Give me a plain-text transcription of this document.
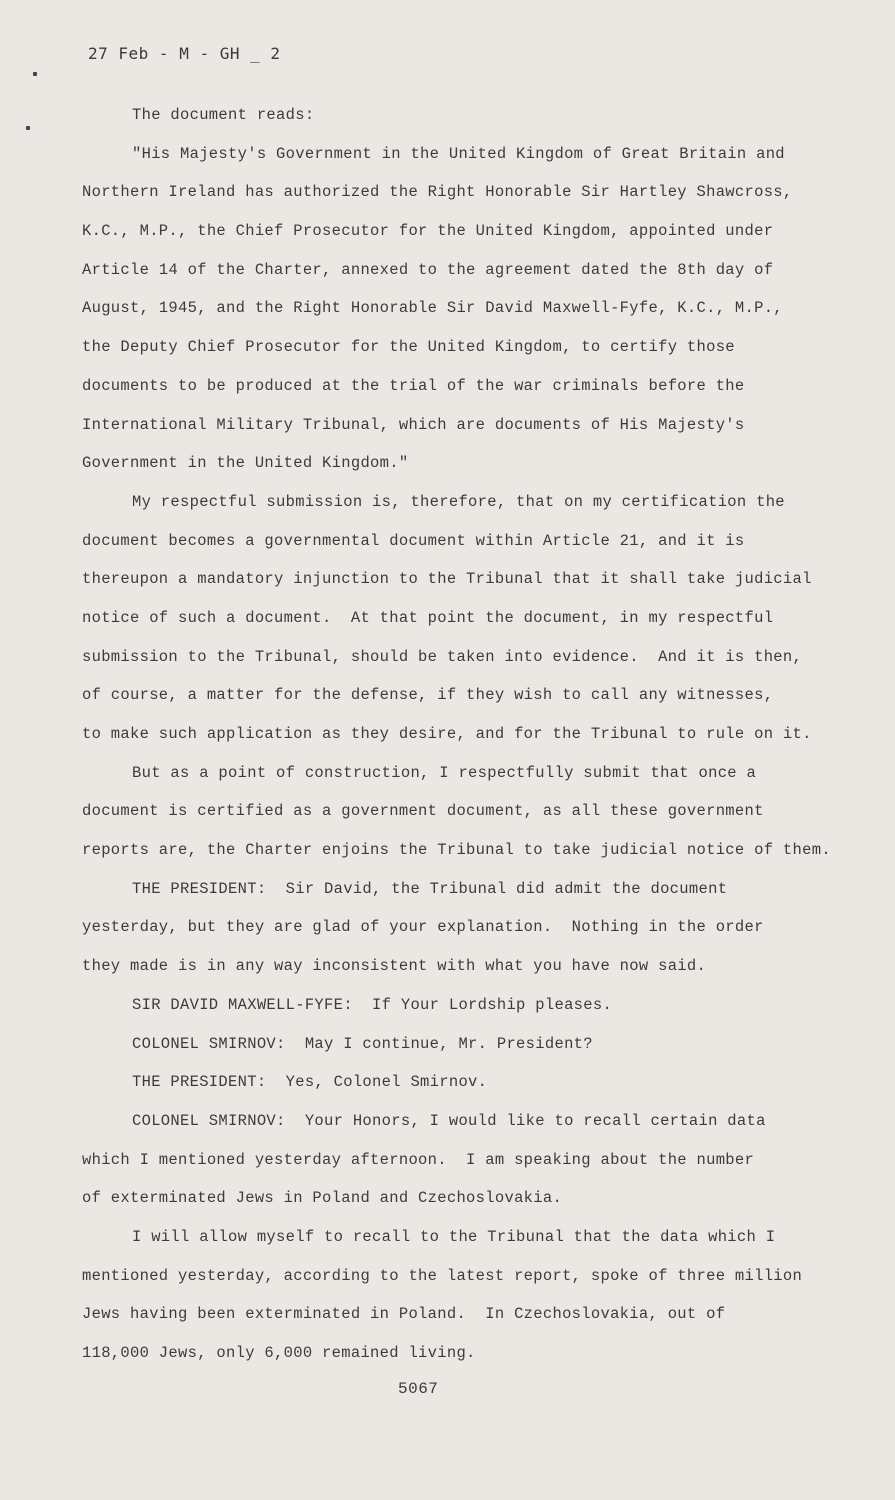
27 Feb - M - GH _ 2
The document reads:
"His Majesty's Government in the United Kingdom of Great Britain and
Northern Ireland has authorized the Right Honorable Sir Hartley Shawcross,
K.C., M.P., the Chief Prosecutor for the United Kingdom, appointed under
Article 14 of the Charter, annexed to the agreement dated the 8th day of
August, 1945, and the Right Honorable Sir David Maxwell-Fyfe, K.C., M.P.,
the Deputy Chief Prosecutor for the United Kingdom, to certify those
documents to be produced at the trial of the war criminals before the
International Military Tribunal, which are documents of His Majesty's
Government in the United Kingdom."
My respectful submission is, therefore, that on my certification the
document becomes a governmental document within Article 21, and it is
thereupon a mandatory injunction to the Tribunal that it shall take judicial
notice of such a document.  At that point the document, in my respectful
submission to the Tribunal, should be taken into evidence.  And it is then,
of course, a matter for the defense, if they wish to call any witnesses,
to make such application as they desire, and for the Tribunal to rule on it.
But as a point of construction, I respectfully submit that once a
document is certified as a government document, as all these government
reports are, the Charter enjoins the Tribunal to take judicial notice of them.
THE PRESIDENT:  Sir David, the Tribunal did admit the document
yesterday, but they are glad of your explanation.  Nothing in the order
they made is in any way inconsistent with what you have now said.
SIR DAVID MAXWELL-FYFE:  If Your Lordship pleases.
COLONEL SMIRNOV:  May I continue, Mr. President?
THE PRESIDENT:  Yes, Colonel Smirnov.
COLONEL SMIRNOV:  Your Honors, I would like to recall certain data
which I mentioned yesterday afternoon.  I am speaking about the number
of exterminated Jews in Poland and Czechoslovakia.
I will allow myself to recall to the Tribunal that the data which I
mentioned yesterday, according to the latest report, spoke of three million
Jews having been exterminated in Poland.  In Czechoslovakia, out of
118,000 Jews, only 6,000 remained living.
5067
